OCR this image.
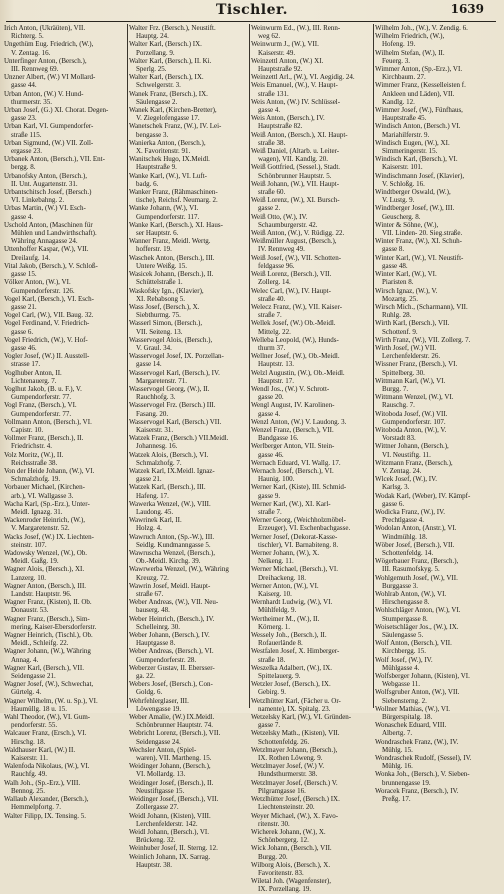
Tischler.	1639
Irich Anton, (Ukräüten), VII.
Richterg. 5.
Ungethüm Eug. Friedrich, (W.),
V. Zentag. 16.
Unterfinger Anton, (Bersch.),
III. Rennweg 69.
Unzner Albert, (W.) VI Mollard-
gasse 44.
Urban Anton, (W.) V. Hund-
thurmerstr. 35.
Urban Josef, (G.) XI. Chorat. Degen-
gasse 23.
Urban Karl, VI. Gumpendorfer-
straße 115.
Urban Sigmund, (W.) VII. Zoll-
ergasse 23.
Urbanek Anton, (Bersch.), VII. Ent-
bergg. 8.
Urbanofsky Anton, (Bersch.),
II. Unt. Augartenstr. 31.
Urbantschitsch Josef, (Bersch.)
VI. Linkebahng. 2.
Urbas Martin, (W.) VI. Esch-
gasse 4.
Uschold Anton, (Maschinen für
Mühlen und Landwirthschaft).
Währing Annagasse 24.
Uttenhoffer Kaspar, (W.), VII.
Dreilaufg. 14.
Vital Jakob, (Bersch.), V. Schloß-
gasse 15.
Völker Anton, (W.), VI.
Gumpendorferstr. 126.
Vogel Karl, (Bersch.), VI. Esch-
gasse 21.
Vogel Carl, (W.), VII. Baug. 32.
Vogel Ferdinand, V. Friedrich-
gasse 6.
Vogel Friedrich, (W.), V. Hof-
gasse 46.
Vogler Josef, (W.) II. Ausstell-
strasse 17.
Voglhuber Anton, II.
Lichtenauerg. 7.
Voglhut Jakob, (B. u. F.), V.
Gumpendorferstr. 77.
Vogl Franz, (Bersch.), VI.
Gumpendorferstr. 77.
Vollmann Anton, (Bersch.), VI.
Capistr. 10.
Vollmer Franz, (Bersch.), II.
Friedrichstr. 4.
Volz Moritz, (W.), II.
Reichsstraße 38.
Von der Heide Johann, (W.), VI.
Schmalzhofg. 19.
Vorbauer Michael, (Kirchen-
arb.), VI. Wallgasse 3.
Wacha Karl, (Sp.-Erz.), Unter-
Meidl. Ignazg. 31.
Wackenroder Heinrich, (W.),
V. Margaretenstr. 52.
Wacks Josef, (W.) IX. Liechten-
steinstr. 107.
Wadowsky Wenzel, (W.), Ob.
Meidl. Gaßg. 19.
Wagner Alois, (Bersch.), XI.
Lanzerg. 10.
Wagner Anton, (Bersch.), III.
Landstr. Hauptstr. 96.
Wagner Franz, (Kisten), II. Ob.
Donaustr. 53.
Wagner Franz, (Bersch.), Sim-
mering, Kaiser-Ebersdorferstr.
Wagner Heinrich, (Tischl.), Ob.
Meidl., Schleifg. 22.
Wagner Johann, (W.), Währing
Annag. 4.
Wagner Karl, (Bersch.), VII.
Seidengasse 21.
Wagner Josef, (W.), Schwechat,
Gürtelg. 4.
Wagner Wilhelm, (W. u. Sp.), VI.
Haumüllg. 18 u. 15.
Wahl Theodor, (W.), VI. Gum-
pendorferstr. 55.
Walcauer Franz, (Ersch.), VI.
Hirschg. 18.
Waldhauser Karl, (W.) II.
Kaiserstr. 11.
Walenfoda Nikolaus, (W.), VI.
Rauchfg. 49.
Walh Joh., (Sp.-Erz.), VIII.
Bennog. 25.
Wallaub Alexander, (Bersch.),
Hemmelpfortg. 7.
Walter Filipp, IX. Tensing. 5.
Walter Frz. (Bersch.), Neustift.
Hauptg. 24.
Walter Karl, (Bersch.) IX.
Porzellang. 9.
Walter Karl, (Bersch.), II. Ki.
Sperlg. 25.
Walter Karl, (Bersch.), IX.
Schwelgerstr. 3.
Wanek Franz, (Bersch.), IX.
Säulengasse 2.
Wanek Karl, (Kirchen-Bretter),
V. Ziegelofengasse 17.
Wanetschek Franz, (W.), IV. Lei-
bengasse 3.
Wanierka Anton, (Bersch.),
X. Favoritenstr. 91.
Wanitschek Hugo, IX.Meidl.
Hauptstraße 9.
Wanke Karl, (W.), VI. Luft-
badg. 6.
Wanker Franz, (Rähmaschinen-
tische), Reichsf. Neumarg. 2.
Wanke Johann, (W.), VI.
Gumpendorferstr. 117.
Wanke Karl, (Bersch.), XI. Haus-
ser Hauptstr. 6.
Wanner Franz, Meidl. Wertg.
hofferstr. 19.
Waschek Anton, (Bersch.), III.
Untere Weißg. 15.
Wasicek Johann, (Bersch.), II.
Schüttelstraße 1.
Waskofsky Ign., (Klavier),
XI. Rebabsong 5.
Wass Josef, (Bersch.), X.
Siebthurmg. 75.
Wasserl Simon, (Bersch.),
VII. Seiteng. 13.
Wasservogel Alois, (Bersch.),
V. Graul. 34.
Wasservogel Josef, IX. Porzellan-
gasse 14.
Wasservogel Karl, (Bersch.), IV.
Margaretenstr. 71.
Wasservogel Georg, (W.), II.
Rauchhofg. 3.
Wasservogel Frz. (Bersch.) III.
Fasang. 20.
Wasservogel Karl, (Bersch.) VII.
Kaiserstr. 31.
Watzek Franz, (Bersch.) VII.Meidl.
Johannesg. 16.
Watzek Alois, (Bersch.), VI.
Schmalzhofg. 7.
Watzek Karl, IX.Meidl. Ignaz-
gasse 21.
Watzek Karl, (Bersch.), III.
Hafeng. 17.
Wawerka Wenzel, (W.), VIII.
Laudong. 45.
Wawrinek Karl, II.
Holzg. 4.
Wawruch Anton, (Sp.-W.), III.
Seidlg. Kundmanngasse 5.
Wawruscha Wenzel, (Bersch.),
Ob.-Meidl. Kirchg. 39.
Wawrwerba Wenzel, (W.), Währing
Kreuzg. 72.
Wawrin Josef, Meidl. Haupt-
straße 67.
Weber Andreas, (W.), VII. Neu-
bauserg. 48.
Weber Heinrich, (Bersch.), IV.
Schelleinrg. 30.
Weber Johann, (Bersch.), IV.
Hauptgasse 8.
Weber Andreas, (Bersch.), VI.
Gumpendorferstr. 28.
Weberzer Gustav, II. Ebersser-
ga. 22.
Webers Josef, (Bersch.), Con-
Goldg. 6.
Wehrfehlerglaser, III.
Löwengasse 19.
Weber Amalie, (W.) IX.Meidl.
Schönbrunner Hauptstr. 74.
Webricht Lorenz, (Bersch.), VII.
Seidengasse 24.
Wechsler Anton, (Spiel-
waren), VII. Martheng. 15.
Weidinger Johann, (Bersch.),
VI. Mollardg. 13.
Weidinger Josef, (Bersch.), II.
Neustiftgasse 15.
Weidinger Josef, (Bersch.), VII.
Zollergasse 27.
Weidl Johann, (Kisten), VIII.
Lerchenfelderstr. 142.
Weidl Johann, (Bersch.), VI.
Brückeng. 32.
Weinhuber Josef, II. Sterng. 12.
Weinlich Johann, IX. Sarrag.
Hauptstr. 38.
Weinwurm Ed., (W.), III. Renn-
weg 62.
Weinwurm J., (W.), VII.
Kaiserstr. 49.
Weinzettl Anton, (W.) XI.
Hauptstraße 92.
Weinzettl Arl., (W.), VI. Aegidig. 24.
Weis Emanuel, (W.), V. Haupt-
straße 131.
Weis Anton, (W.) IV. Schlüssel-
gasse 4.
Weis Anton, (Bersch.), IV.
Hauptstraße 82.
Weiß Anton, (Bersch.), XI. Haupt-
straße 38.
Weiß Daniel, (Altarb. u. Leiter-
wagen), VII. Kandlg. 20.
Weiß Gottfried, (Sessel.), Stadt.
Schönbrunner Hauptstr. 5.
Weiß Johann, (W.), VII. Haupt-
straße 60.
Weiß Lorenz, (W.), XI. Bursch-
gasse 2.
Weiß Otto, (W.), IV.
Schaumburgerstr. 42.
Weiß Anton, (W.), V. Rüdigg. 22.
Weißmüller August, (Bersch.),
IV. Rennweg 49.
Weiß Josef, (W.), VII. Schotten-
feldgasse 96.
Weiß Lorenz, (Bersch.), VII.
Zollerg. 14.
Welec Carl, (W.), IV. Haupt-
straße 40.
Welecz Franz, (W.), VII. Kaiser-
straße 7.
Wellek Josef, (W.) Ob.-Meidl.
Mittelg. 22.
Welleba Leopold, (W.), Hunds-
thurm 37.
Wellner Josef, (W.), Ob.-Meidl.
Hauptstr. 13.
Welzl Augustin, (W.), Ob.-Meidl.
Hauptstr. 17.
Wendl Jos., (W.) V. Schrott-
gasse 20.
Wengl August, IV. Karolinen-
gasse 4.
Wenzl Anton, (W.) V. Laudong. 3.
Wenzel Franz, (Bersch.), VII.
Bandgasse 16.
Werlberger Anton, VII. Stein-
gasse 46.
Wernach Eduard, VI. Wallg. 17.
Wernach Josef, (Bersch.), VI.
Haunig. 100.
Werner Karl, (Kiste), III. Schmid-
gasse 9.
Werner Karl, (W.), XI. Karl-
straße 7.
Werner Georg, (Weichholzmöbel-
Erzeuger), VI. Eschenbachgasse.
Werner Josef, (Dekorat-Kasse-
tischler), VI. Barnabiteng. 8.
Werner Johann, (W.), X.
Nelkeng. 11.
Werner Michael, (Bersch.), VI.
Dreihackeng. 18.
Werner Anton, (W.), VI.
Kaiserg. 10.
Wernhardt Ludwig, (W.), VI.
Mühlfeldg. 9.
Wertheimer M., (W.), II.
Körnerg. 1.
Wessely Joh., (Bersch.), II.
Rofauerlände 8.
Westfalen Josef, X. Himberger-
straße 18.
Weszelka Adalbert, (W.), IX.
Spittelauerg. 9.
Wetzler Josef, (Bersch.), IX.
Gebirg. 9.
Wetzlhütter Karl, (Fächer u. Or-
namente), IX. Spitalg. 23.
Wetzelsky Karl, (W.), VI. Gründen-
gasse 7.
Wetzelsky Math., (Kisten), VII.
Schottenfeldg. 26.
Wetzlmayer Johann, (Bersch.),
IX. Rothen Löweng. 9.
Wetzlmayer Josef, (W.) V.
Hundsthurmerstr. 38.
Wetzlmayer Josef, (Bersch.) V.
Pilgramgasse 16.
Wetzlhütter Josef, (Bersch.) IX.
Liechtensteinstr. 20.
Weyer Michael, (W.), X. Favo-
ritenstr. 30.
Wicherek Johann, (W.), X.
Schönbergerg. 12.
Wick Johann, (Bersch.), VII.
Burgg. 20.
Wilborg Alois, (Bersch.), X.
Favoritenstr. 83.
Wiletal Joh. (Wagenfenster),
IX. Porzellang. 19.
Wilhelm Joh., (W.), V. Zendig. 6.
Wilhelm Friedrich, (W.),
Hofeng. 19.
Wilhelm Stefan, (W.), II.
Feuerg. 3.
Wimmer Anton, (Sp.-Erz.), VI.
Kirchbaum. 27.
Wimmer Franz, (Kesselleisten f.
Ankleen und Läden), VII.
Kandlg. 12.
Wimmer Josef, (W.), Fünfhaus,
Hauptstraße 45.
Windisch Anton, (Bersch.) VI.
Mariahilferstr. 9.
Windisch Eugen, (W.), XI.
Simmeringerstr. 15.
Windisch Karl, (Bersch.), VI.
Kaiserstr. 101.
Windischmann Josef, (Klavier),
V. Schloßg. 16.
Windtberger Oswald, (W.),
V. Lustg. 9.
Windtberger Josef, (W.), III.
Geuscherg. 8.
Winter & Söhne, (W.),
VII. Linden- 20. Sieg.straße.
Winter Franz, (W.), XI. Schuh-
gasse 8.
Winter Karl, (W.), VI. Neustift-
gasse 48.
Winter Karl, (W.), VI.
Piaristen 8.
Wirsch Ignaz, (W.), V.
Mozartg. 25.
Wirsch Mich., (Scharmann), VII.
Ruhlg. 28.
Wirth Karl, (Bersch.), VII.
Schottenf. 9.
Wirth Franz, (W.), VII. Zollerg. 7.
Wirth Josef, (W.) VII.
Lerchenfelderstr. 26.
Wissner Franz, (Bersch.), VI.
Spittelberg. 30.
Wittmann Karl, (W.), VI.
Burgg. 7.
Wittmann Wenzel, (W.), VI.
Rauschg. 7.
Witoboda Josef, (W.) VII.
Gumpendorferstr. 107.
Witoboda Anton, (W.), V.
Vorstadt 83.
Wittner Johann, (Bersch.),
VI. Neustiftg. 11.
Witzmann Franz, (Bersch.),
V. Zentag. 24.
Wlcek Josef, (W.), IV.
Karlsg. 3.
Wodak Karl, (Weber), IV. Kämpf-
gasse 6.
Wodicka Franz, (W.), IV.
Prechtlgasse 4.
Wodolan Anton, (Anstr.), VI.
Windmühlg. 18.
Wöber Josef, (Bersch.), VII.
Schottenfeldg. 14.
Wögerbauer Franz, (Bersch.),
III. Rasumofskyg. 5.
Wohlgemuth Josef, (W.), VII.
Burggasse 3.
Wohlrab Anton, (W.), VI.
Hirschengasse 8.
Wohlschläger Anton, (W.), VI.
Stumpergasse 8.
Woisetschläger Jos., (W.), IX.
Säulengasse 5.
Wolf Anton, (Bersch.), VII.
Kirchbergg. 15.
Wolf Josef, (W.), IV.
Mühlgasse 4.
Wolfsberger Johann, (Kisten), VI.
Webgasse 11.
Wolfsgruber Anton, (W.), VII.
Siebensterng. 2.
Wollner Mathias, (W.), VI.
Bürgerspitalg. 18.
Wonaschek Eduard, VIII.
Albertg. 7.
Wondraschek Franz, (W.), IV.
Mühlg. 15.
Wondraschek Rudolf, (Sessel), IV.
Mühlg. 16.
Wonka Joh., (Bersch.), V. Sieben-
brunnengasse 19.
Woracek Franz, (Bersch.), IV.
Preßg. 17.
